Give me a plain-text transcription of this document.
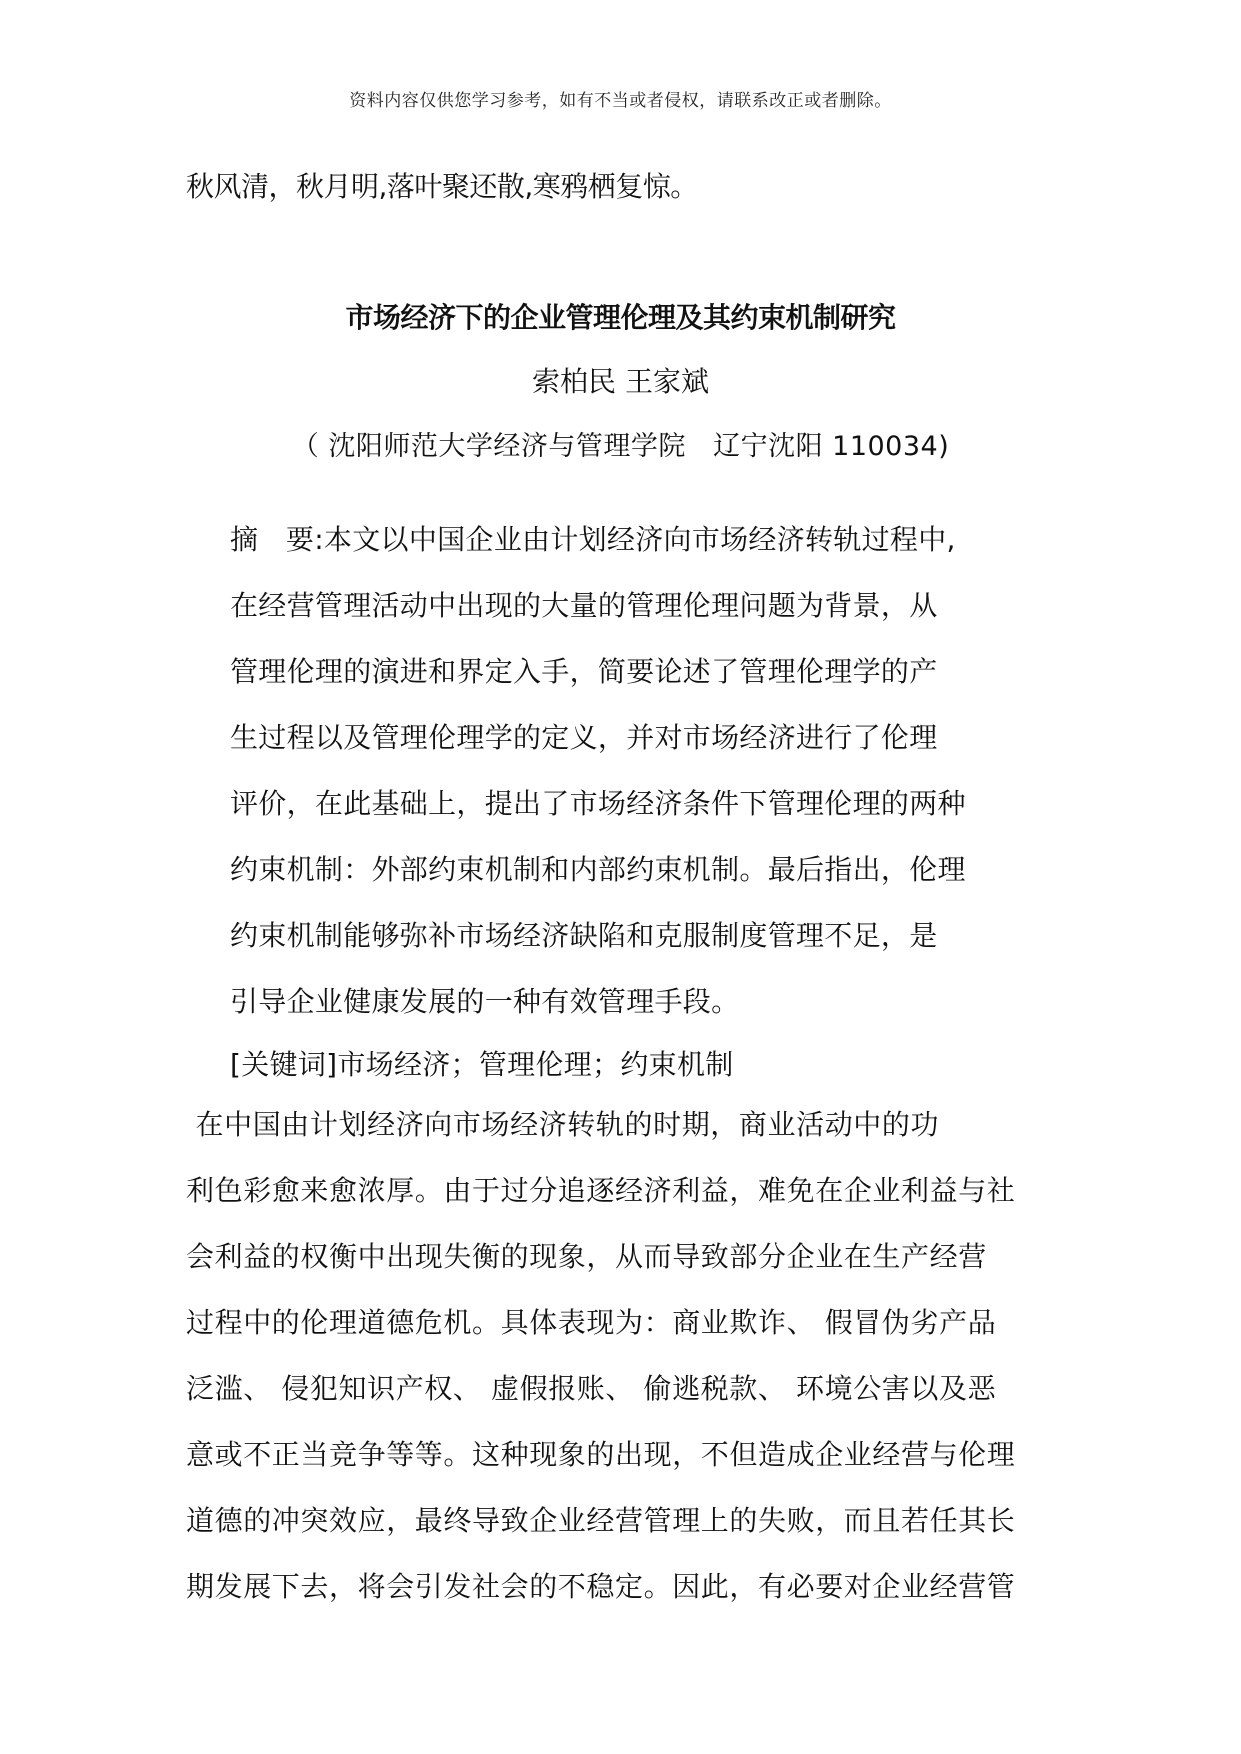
资料内容仅供您学习参考，如有不当或者侵权，请联系改正或者删除。
秋风清，秋月明,落叶聚还散,寒鸦栖复惊。
市场经济下的企业管理伦理及其约束机制研究
索柏民 王家斌
（ 沈阳师范大学经济与管理学院   辽宁沈阳 110034)
摘   要:本文以中国企业由计划经济向市场经济转轨过程中,
在经营管理活动中出现的大量的管理伦理问题为背景，从
管理伦理的演进和界定入手，简要论述了管理伦理学的产
生过程以及管理伦理学的定义，并对市场经济进行了伦理
评价，在此基础上，提出了市场经济条件下管理伦理的两种
约束机制：外部约束机制和内部约束机制。最后指出，伦理
约束机制能够弥补市场经济缺陷和克服制度管理不足，是
引导企业健康发展的一种有效管理手段。
[关键词]市场经济；管理伦理；约束机制
在中国由计划经济向市场经济转轨的时期，商业活动中的功
利色彩愈来愈浓厚。由于过分追逐经济利益，难免在企业利益与社
会利益的权衡中出现失衡的现象，从而导致部分企业在生产经营
过程中的伦理道德危机。具体表现为：商业欺诈、 假冒伪劣产品
泛滥、 侵犯知识产权、 虚假报账、 偷逃税款、 环境公害以及恶
意或不正当竞争等等。这种现象的出现，不但造成企业经营与伦理
道德的冲突效应，最终导致企业经营管理上的失败，而且若任其长
期发展下去，将会引发社会的不稳定。因此，有必要对企业经营管
